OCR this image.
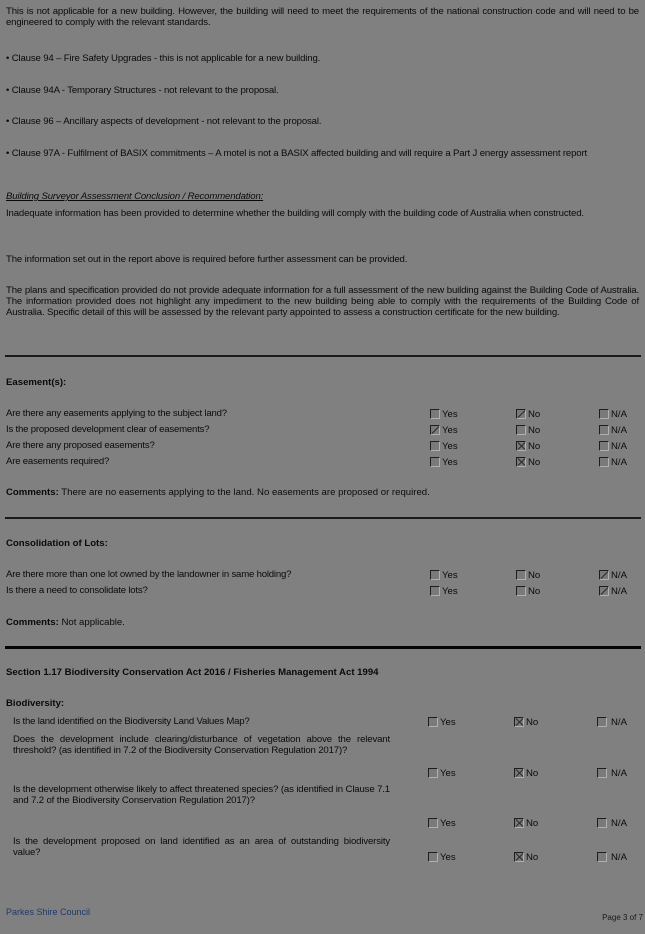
This is not applicable for a new building. However, the building will need to meet the requirements of the national construction code and will need to be engineered to comply with the relevant standards.
• Clause 94 – Fire Safety Upgrades - this is not applicable for a new building.
• Clause 94A - Temporary Structures - not relevant to the proposal.
• Clause 96 – Ancillary aspects of development - not relevant to the proposal.
• Clause 97A - Fulfilment of BASIX commitments – A motel is not a BASIX affected building and will require a Part J energy assessment report
Building Surveyor Assessment Conclusion / Recommendation:
Inadequate information has been provided to determine whether the building will comply with the building code of Australia when constructed.
The information set out in the report above is required before further assessment can be provided.
The plans and specification provided do not provide adequate information for a full assessment of the new building against the Building Code of Australia. The information provided does not highlight any impediment to the new building being able to comply with the requirements of the Building Code of Australia. Specific detail of this will be assessed by the relevant party appointed to assess a construction certificate for the new building.
Easement(s):
Are there any easements applying to the subject land?	Yes	No	N/A
Is the proposed development clear of easements?	Yes	No	N/A
Are there any proposed easements?	Yes	No	N/A
Are easements required?	Yes	No	N/A
Comments: There are no easements applying to the land. No easements are proposed or required.
Consolidation of Lots:
Are there more than one lot owned by the landowner in same holding?	Yes	No	N/A
Is there a need to consolidate lots?	Yes	No	N/A
Comments: Not applicable.
Section 1.17 Biodiversity Conservation Act 2016 / Fisheries Management Act 1994
Biodiversity:
Is the land identified on the Biodiversity Land Values Map?	Yes	No	N/A
Does the development include clearing/disturbance of vegetation above the relevant threshold? (as identified in 7.2 of the Biodiversity Conservation Regulation 2017)?
Yes	No	N/A
Is the development otherwise likely to affect threatened species? (as identified in Clause 7.1 and 7.2 of the Biodiversity Conservation Regulation 2017)?
Yes	No	N/A
Is the development proposed on land identified as an area of outstanding biodiversity value?	Yes	No	N/A
Parkes Shire Council
Page 3 of 7
